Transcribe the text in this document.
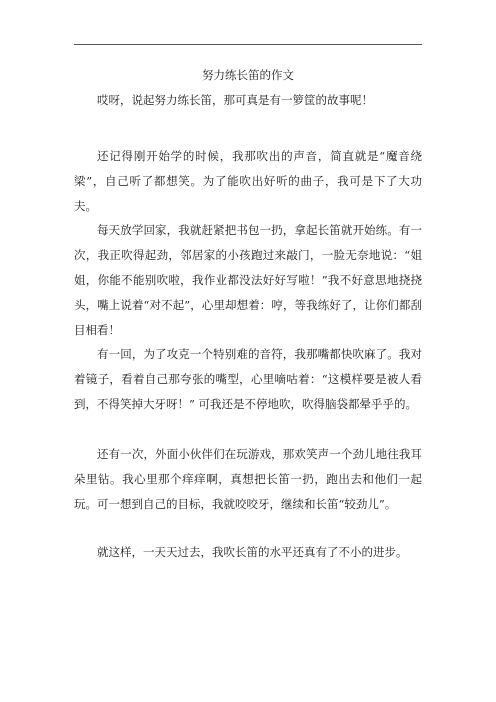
努力练长笛的作文

哎呀，说起努力练长笛，那可真是有一箩筐的故事呢！

还记得刚开始学的时候，我那吹出的声音，简直就是“魔音绕梁”，自己听了都想笑。为了能吹出好听的曲子，我可是下了大功夫。

每天放学回家，我就赶紧把书包一扔，拿起长笛就开始练。有一次，我正吹得起劲，邻居家的小孩跑过来敲门，一脸无奈地说：“姐姐，你能不能别吹啦，我作业都没法好好写啦！”我不好意思地挠挠头，嘴上说着“对不起”，心里却想着：哼，等我练好了，让你们都刮目相看！

有一回，为了攻克一个特别难的音符，我那嘴都快吹麻了。我对着镜子，看着自己那夸张的嘴型，心里嘀咕着：“这模样要是被人看到，不得笑掉大牙呀！” 可我还是不停地吹，吹得脑袋都晕乎乎的。

还有一次，外面小伙伴们在玩游戏，那欢笑声一个劲儿地往我耳朵里钻。我心里那个痒痒啊，真想把长笛一扔，跑出去和他们一起玩。可一想到自己的目标，我就咬咬牙，继续和长笛“较劲儿”。

就这样，一天天过去，我吹长笛的水平还真有了不小的进步。
